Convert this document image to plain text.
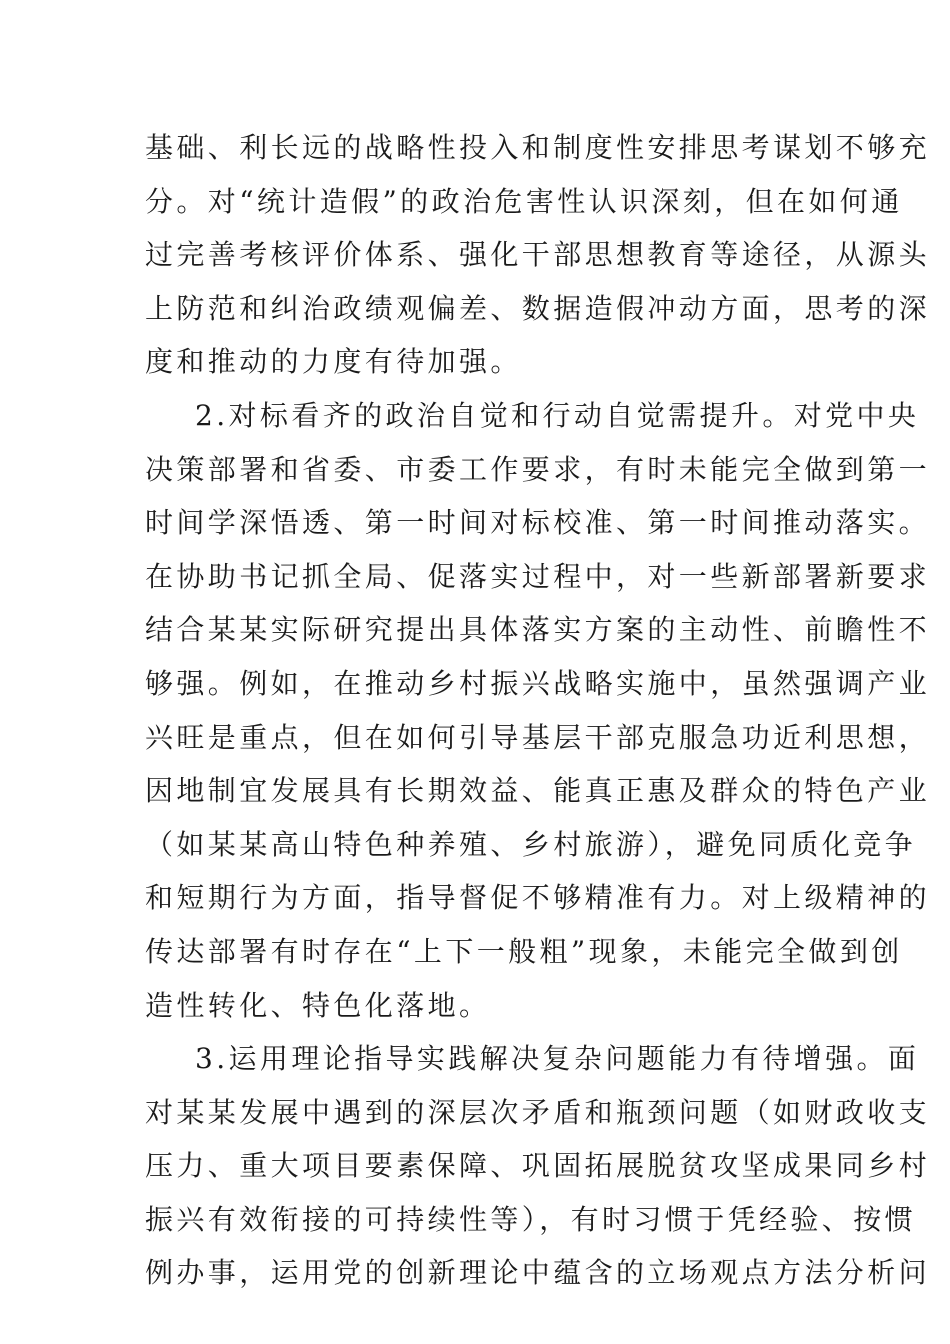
基础、利长远的战略性投入和制度性安排思考谋划不够充
分。对“统计造假”的政治危害性认识深刻，但在如何通
过完善考核评价体系、强化干部思想教育等途径，从源头
上防范和纠治政绩观偏差、数据造假冲动方面，思考的深
度和推动的力度有待加强。
2.对标看齐的政治自觉和行动自觉需提升。对党中央
决策部署和省委、市委工作要求，有时未能完全做到第一
时间学深悟透、第一时间对标校准、第一时间推动落实。
在协助书记抓全局、促落实过程中，对一些新部署新要求
结合某某实际研究提出具体落实方案的主动性、前瞻性不
够强。例如，在推动乡村振兴战略实施中，虽然强调产业
兴旺是重点，但在如何引导基层干部克服急功近利思想，
因地制宜发展具有长期效益、能真正惠及群众的特色产业
（如某某高山特色种养殖、乡村旅游），避免同质化竞争
和短期行为方面，指导督促不够精准有力。对上级精神的
传达部署有时存在“上下一般粗”现象，未能完全做到创
造性转化、特色化落地。
3.运用理论指导实践解决复杂问题能力有待增强。面
对某某发展中遇到的深层次矛盾和瓶颈问题（如财政收支
压力、重大项目要素保障、巩固拓展脱贫攻坚成果同乡村
振兴有效衔接的可持续性等），有时习惯于凭经验、按惯
例办事，运用党的创新理论中蕴含的立场观点方法分析问
